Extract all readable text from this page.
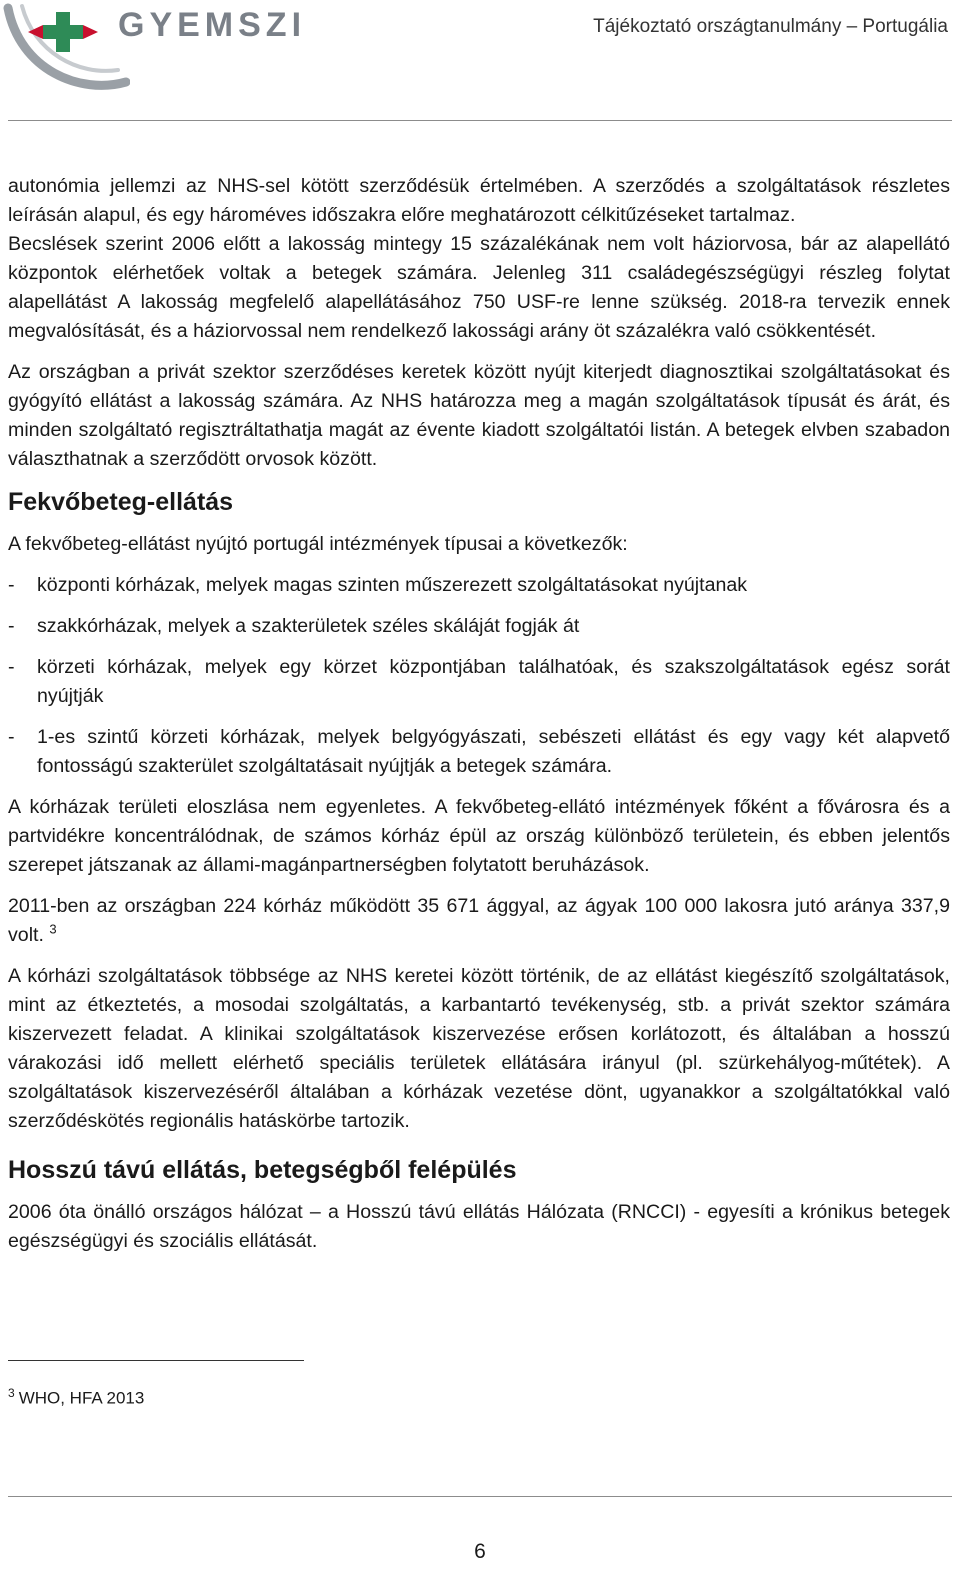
GYEMSZI	Tájékoztató országtanulmány – Portugália

autonómia jellemzi az NHS-sel kötött szerződésük értelmében. A szerződés a szolgáltatások részletes leírásán alapul, és egy hároméves időszakra előre meghatározott célkitűzéseket tartalmaz.

Becslések szerint 2006 előtt a lakosság mintegy 15 százalékának nem volt háziorvosa, bár az alapellátó központok elérhetőek voltak a betegek számára. Jelenleg 311 családegészségügyi részleg folytat alapellátást A lakosság megfelelő alapellátásához 750 USF-re lenne szükség. 2018-ra tervezik ennek megvalósítását, és a háziorvossal nem rendelkező lakossági arány öt százalékra való csökkentését.

Az országban a privát szektor szerződéses keretek között nyújt kiterjedt diagnosztikai szolgáltatásokat és gyógyító ellátást a lakosság számára. Az NHS határozza meg a magán szolgáltatások típusát és árát, és minden szolgáltató regisztráltathatja magát az évente kiadott szolgáltatói listán. A betegek elvben szabadon választhatnak a szerződött orvosok között.

Fekvőbeteg-ellátás

A fekvőbeteg-ellátást nyújtó portugál intézmények típusai a következők:

- központi kórházak, melyek magas szinten műszerezett szolgáltatásokat nyújtanak
- szakkórházak, melyek a szakterületek széles skáláját fogják át
- körzeti kórházak, melyek egy körzet központjában találhatóak, és szakszolgáltatások egész sorát nyújtják
- 1-es szintű körzeti kórházak, melyek belgyógyászati, sebészeti ellátást és egy vagy két alapvető fontosságú szakterület szolgáltatásait nyújtják a betegek számára.

A kórházak területi eloszlása nem egyenletes. A fekvőbeteg-ellátó intézmények főként a fővárosra és a partvidékre koncentrálódnak, de számos kórház épül az ország különböző területein, és ebben jelentős szerepet játszanak az állami-magánpartnerségben folytatott beruházások.

2011-ben az országban 224 kórház működött 35 671 ággyal, az ágyak 100 000 lakosra jutó aránya 337,9 volt. $^3$

A kórházi szolgáltatások többsége az NHS keretei között történik, de az ellátást kiegészítő szolgáltatások, mint az étkeztetés, a mosodai szolgáltatás, a karbantartó tevékenység, stb. a privát szektor számára kiszervezett feladat. A klinikai szolgáltatások kiszervezése erősen korlátozott, és általában a hosszú várakozási idő mellett elérhető speciális területek ellátására irányul (pl. szürkehályog-műtétek). A szolgáltatások kiszervezéséről általában a kórházak vezetése dönt, ugyanakkor a szolgáltatókkal való szerződéskötés regionális hatáskörbe tartozik.

Hosszú távú ellátás, betegségből felépülés

2006 óta önálló országos hálózat – a Hosszú távú ellátás Hálózata (RNCCI) - egyesíti a krónikus betegek egészségügyi és szociális ellátását.

$^3$ WHO, HFA 2013
6
